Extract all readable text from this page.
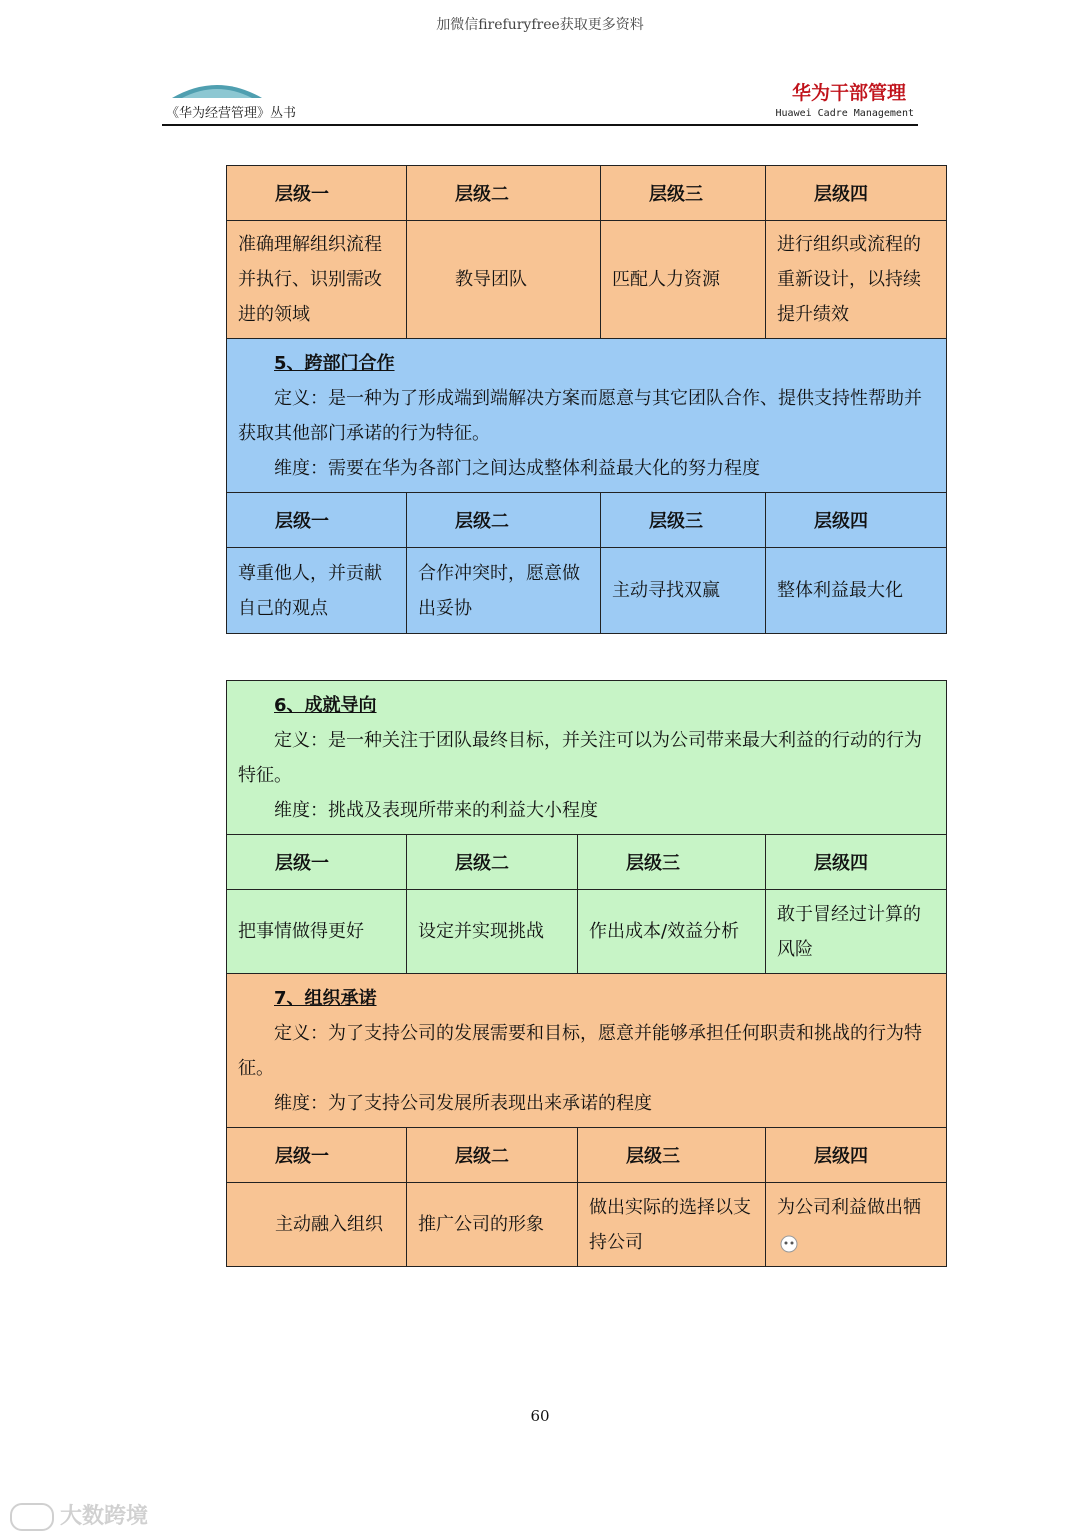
加微信firefuryfree获取更多资料
《华为经营管理》丛书
华为干部管理
Huawei Cadre Management
层级一	层级二	层级三	层级四
准确理解组织流程并执行、识别需改进的领域	教导团队	匹配人力资源	进行组织或流程的重新设计，以持续提升绩效

5、跨部门合作
定义：是一种为了形成端到端解决方案而愿意与其它团队合作、提供支持性帮助并获取其他部门承诺的行为特征。
维度：需要在华为各部门之间达成整体利益最大化的努力程度			

层级一	层级二	层级三	层级四
尊重他人，并贡献自己的观点	合作冲突时，愿意做出妥协	主动寻找双赢	整体利益最大化
6、成就导向
定义：是一种关注于团队最终目标，并关注可以为公司带来最大利益的行动的行为特征。
维度：挑战及表现所带来的利益大小程度			

层级一	层级二	层级三	层级四
把事情做得更好	设定并实现挑战	作出成本/效益分析	敢于冒经过计算的风险

7、组织承诺
定义：为了支持公司的发展需要和目标，愿意并能够承担任何职责和挑战的行为特征。
维度：为了支持公司发展所表现出来承诺的程度			

层级一	层级二	层级三	层级四
主动融入组织	推广公司的形象	做出实际的选择以支持公司	为公司利益做出牺

60
大数跨境
